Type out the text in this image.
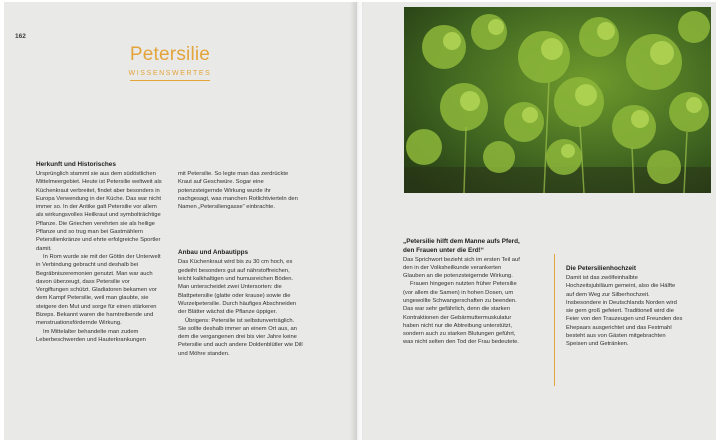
162
Petersilie
WISSENSWERTES
Herkunft und Historisches

Ursprünglich stammt sie aus dem südöstlichen Mittelmeergebiet. Heute ist Petersilie weltweit als Küchenkraut verbreitet, findet aber besonders in Europa Verwendung in der Küche. Das war nicht immer so. In der Antike galt Petersilie vor allem als wirkungsvolles Heilkraut und symbolträchtige Pflanze. Die Griechen verehrten sie als heilige Pflanze und so trug man bei Gastmählern Petersilienkränze und ehrte erfolgreiche Sportler damit.

In Rom wurde sie mit der Göttin der Unterwelt in Verbindung gebracht und deshalb bei Begräbniszeremonien genutzt. Man war auch davon überzeugt, dass Petersilie vor Vergiftungen schützt. Gladiatoren bekamen vor dem Kampf Petersilie, weil man glaubte, sie steigere den Mut und sorge für einen stärkeren Bizeps. Bekannt waren die harntreibende und menstruationsfördernde Wirkung.

Im Mittelalter behandelte man zudem Leberbeschwerden und Hauterkrankungen

mit Petersilie. So legte man das zerdrückte Kraut auf Geschwüre. Sogar eine potenzsteigernde Wirkung wurde ihr nachgesagt, was manchen Rotlichtvierteln den Namen „Petersiliengasse“ einbrachte.

Anbau und Anbautipps

Das Küchenkraut wird bis zu 30 cm hoch, es gedeiht besonders gut auf nährstoffreichen, leicht kalkhaltigen und humusreichen Böden. Man unterscheidet zwei Untersorten: die Blattpetersilie (glatte oder krause) sowie die Wurzelpetersilie. Durch häufiges Abschneiden der Blätter wächst die Pflanze üppiger.

Übrigens: Petersilie ist selbstunverträglich. Sie sollte deshalb immer an einem Ort aus, an dem die vergangenen drei bis vier Jahre keine Petersilie und auch andere Doldenblütler wie Dill und Möhre standen.

„Petersilie hilft dem Manne aufs Pferd, den Frauen unter die Erd!“

Das Sprichwort bezieht sich im ersten Teil auf den in der Volksheilkunde verankerten Glauben an die potenzsteigernde Wirkung.

Frauen hingegen nutzten früher Petersilie (vor allem die Samen) in hohen Dosen, um ungewollte Schwangerschaften zu beenden. Das war sehr gefährlich, denn die starken Kontraktionen der Gebärmuttermuskulatur haben nicht nur die Abtreibung unterstützt, sondern auch zu starken Blutungen geführt, was nicht selten den Tod der Frau bedeutete.

Die Petersilienhochzeit

Damit ist das zwölfeinhalbte Hochzeitsjubiläum gemeint, also die Hälfte auf dem Weg zur Silberhochzeit. Insbesondere in Deutschlands Norden wird sie gern groß gefeiert. Traditionell wird die Feier von den Trauzeugen und Freunden des Ehepaars ausgerichtet und das Festmahl besteht aus von Gästen mitgebrachten Speisen und Getränken.
